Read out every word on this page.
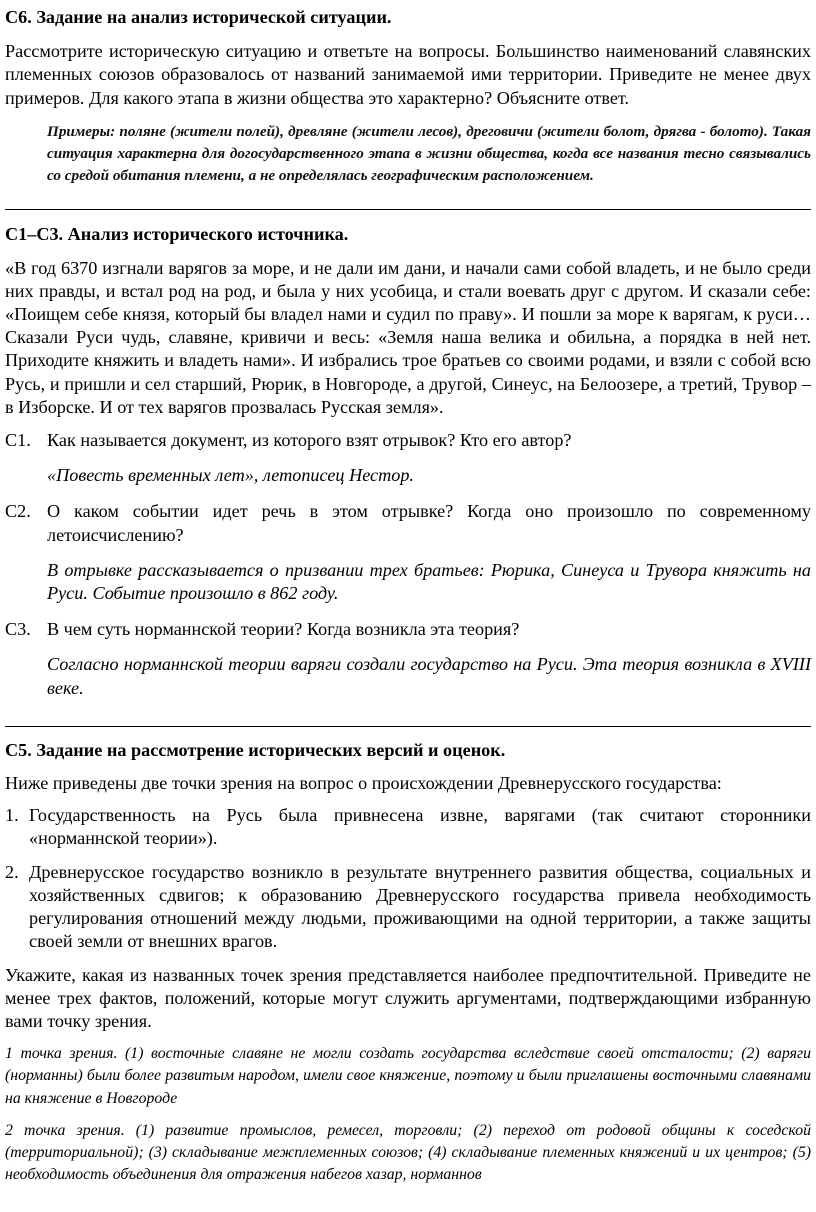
С6. Задание на анализ исторической ситуации.

Рассмотрите историческую ситуацию и ответьте на вопросы. Большинство наименований славянских племенных союзов образовалось от названий занимаемой ими территории. Приведите не менее двух примеров. Для какого этапа в жизни общества это характерно? Объясните ответ.

Примеры: поляне (жители полей), древляне (жители лесов), дреговичи (жители болот, дрягва - болото). Такая ситуация характерна для догосударственного этапа в жизни общества, когда все названия тесно связывались со средой обитания племени, а не определялась географическим расположением.

С1–С3. Анализ исторического источника.

«В год 6370 изгнали варягов за море, и не дали им дани, и начали сами собой владеть, и не было среди них правды, и встал род на род, и была у них усобица, и стали воевать друг с другом. И сказали себе: «Поищем себе князя, который бы владел нами и судил по праву». И пошли за море к варягам, к руси… Сказали Руси чудь, славяне, кривичи и весь: «Земля наша велика и обильна, а порядка в ней нет. Приходите княжить и владеть нами». И избрались трое братьев со своими родами, и взяли с собой всю Русь, и пришли и сел старший, Рюрик, в Новгороде, а другой, Синеус, на Белоозере, а третий, Трувор – в Изборске. И от тех варягов прозвалась Русская земля».

С1. Как называется документ, из которого взят отрывок? Кто его автор?

«Повесть временных лет», летописец Нестор.

С2. О каком событии идет речь в этом отрывке? Когда оно произошло по современному летоисчислению?

В отрывке рассказывается о призвании трех братьев: Рюрика, Синеуса и Трувора княжить на Руси. Событие произошло в 862 году.

С3. В чем суть норманнской теории? Когда возникла эта теория?

Согласно норманнской теории варяги создали государство на Руси. Эта теория возникла в XVIII веке.

С5. Задание на рассмотрение исторических версий и оценок.

Ниже приведены две точки зрения на вопрос о происхождении Древнерусского государства:

1. Государственность на Русь была привнесена извне, варягами (так считают сторонники «норманнской теории»).
2. Древнерусское государство возникло в результате внутреннего развития общества, социальных и хозяйственных сдвигов; к образованию Древнерусского государства привела необходимость регулирования отношений между людьми, проживающими на одной территории, а также защиты своей земли от внешних врагов.

Укажите, какая из названных точек зрения представляется наиболее предпочтительной. Приведите не менее трех фактов, положений, которые могут служить аргументами, подтверждающими избранную вами точку зрения.

1 точка зрения. (1) восточные славяне не могли создать государства вследствие своей отсталости; (2) варяги (норманны) были более развитым народом, имели свое княжение, поэтому и были приглашены восточными славянами на княжение в Новгороде

2 точка зрения. (1) развитие промыслов, ремесел, торговли; (2) переход от родовой общины к соседской (территориальной); (3) складывание межплеменных союзов; (4) складывание племенных княжений и их центров; (5) необходимость объединения для отражения набегов хазар, норманнов
